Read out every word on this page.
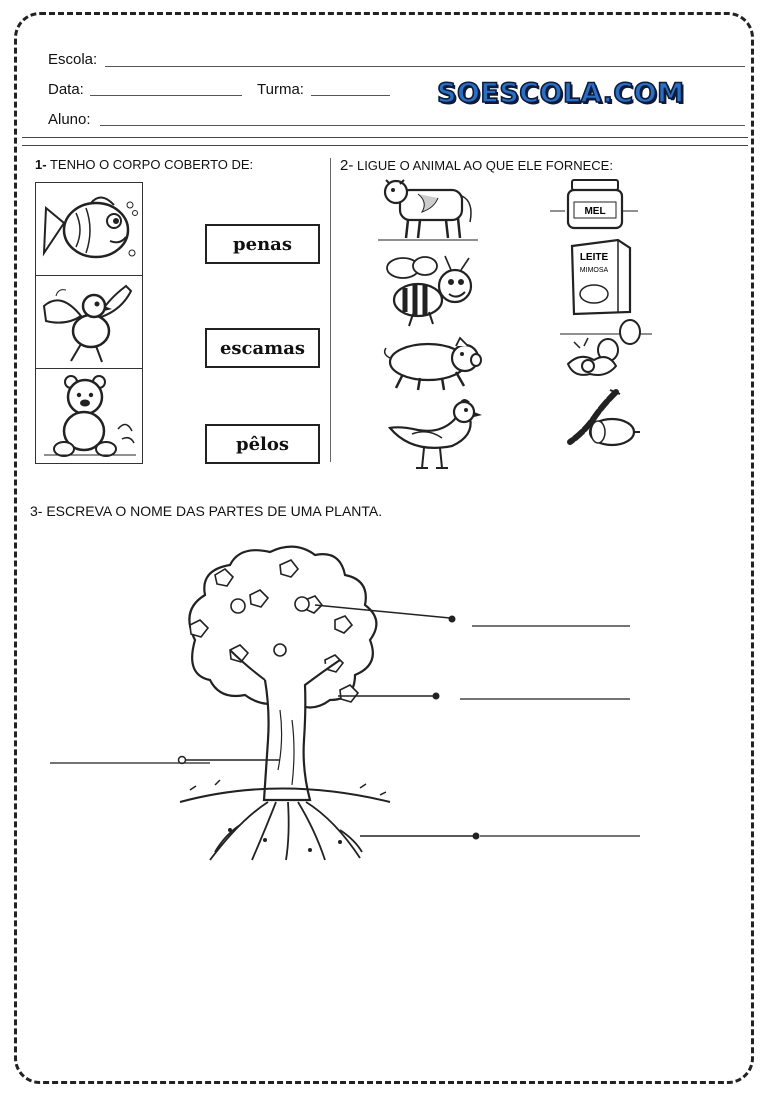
Escola:
Data:	Turma:	SOESCOLA.COM
Aluno:
1- TENHO O CORPO COBERTO DE:
penas
escamas
pêlos
2- LIGUE O ANIMAL AO QUE ELE FORNECE:
MEL
LEITE
MIMOSA
3- ESCREVA O NOME DAS PARTES DE UMA PLANTA.
